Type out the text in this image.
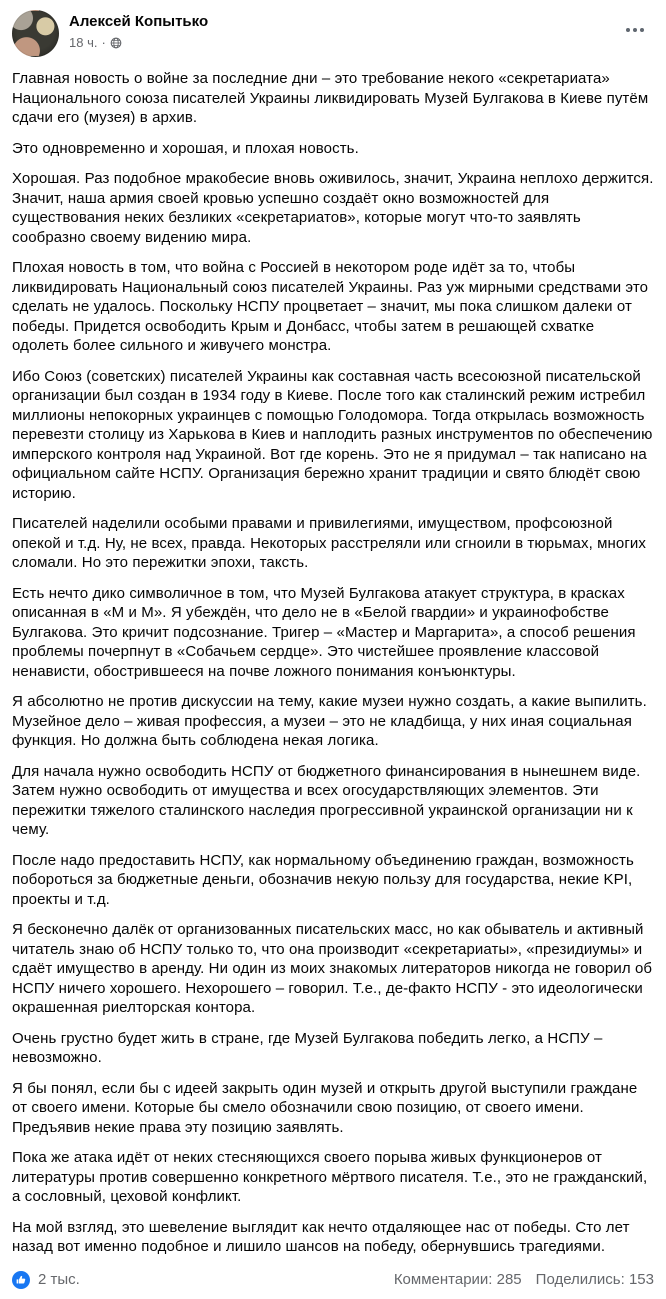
Алексей Копытько
18 ч. ·

Главная новость о войне за последние дни – это требование некого «секретариата» Национального союза писателей Украины ликвидировать Музей Булгакова в Киеве путём сдачи его (музея) в архив.

Это одновременно и хорошая, и плохая новость.

Хорошая. Раз подобное мракобесие вновь оживилось, значит, Украина неплохо держится. Значит, наша армия своей кровью успешно создаёт окно возможностей для существования неких безликих «секретариатов», которые могут что-то заявлять сообразно своему видению мира.

Плохая новость в том, что война с Россией в некотором роде идёт за то, чтобы ликвидировать Национальный союз писателей Украины. Раз уж мирными средствами это сделать не удалось. Поскольку НСПУ процветает – значит, мы пока слишком далеки от победы. Придется освободить Крым и Донбасс, чтобы затем в решающей схватке одолеть более сильного и живучего монстра.

Ибо Союз (советских) писателей Украины как составная часть всесоюзной писательской организации был создан в 1934 году в Киеве. После того как сталинский режим истребил миллионы непокорных украинцев с помощью Голодомора. Тогда открылась возможность перевезти столицу из Харькова в Киев и наплодить разных инструментов по обеспечению имперского контроля над Украиной. Вот где корень. Это не я придумал – так написано на официальном сайте НСПУ. Организация бережно хранит традиции и свято блюдёт свою историю.

Писателей наделили особыми правами и привилегиями, имуществом, профсоюзной опекой и т.д. Ну, не всех, правда. Некоторых расстреляли или сгноили в тюрьмах, многих сломали. Но это пережитки эпохи, таксть.

Есть нечто дико символичное в том, что Музей Булгакова атакует структура, в красках описанная в «М и М». Я убеждён, что дело не в «Белой гвардии» и украинофобстве Булгакова. Это кричит подсознание. Тригер – «Мастер и Маргарита», а способ решения проблемы почерпнут в «Собачьем сердце». Это чистейшее проявление классовой ненависти, обострившееся на почве ложного понимания конъюнктуры.

Я абсолютно не против дискуссии на тему, какие музеи нужно создать, а какие выпилить. Музейное дело – живая профессия, а музеи – это не кладбища, у них иная социальная функция. Но должна быть соблюдена некая логика.

Для начала нужно освободить НСПУ от бюджетного финансирования в нынешнем виде. Затем нужно освободить от имущества и всех огосударствляющих элементов. Эти пережитки тяжелого сталинского наследия прогрессивной украинской организации ни к чему.

После надо предоставить НСПУ, как нормальному объединению граждан, возможность побороться за бюджетные деньги, обозначив некую пользу для государства, некие KPI, проекты и т.д.

Я бесконечно далёк от организованных писательских масс, но как обыватель и активный читатель знаю об НСПУ только то, что она производит «секретариаты», «президиумы» и сдаёт имущество в аренду. Ни один из моих знакомых литераторов никогда не говорил об НСПУ ничего хорошего. Нехорошего – говорил. Т.е., де-факто НСПУ - это идеологически окрашенная риелторская контора.

Очень грустно будет жить в стране, где Музей Булгакова победить легко, а НСПУ – невозможно.

Я бы понял, если бы с идеей закрыть один музей и открыть другой выступили граждане от своего имени. Которые бы смело обозначили свою позицию, от своего имени. Предъявив некие права эту позицию заявлять.

Пока же атака идёт от неких стесняющихся своего порыва живых функционеров от литературы против совершенно конкретного мёртвого писателя. Т.е., это не гражданский, а сословный, цеховой конфликт.

На мой взгляд, это шевеление выглядит как нечто отдаляющее нас от победы. Сто лет назад вот именно подобное и лишило шансов на победу, обернувшись трагедиями.

2 тыс.	Комментарии: 285 Поделились: 153
